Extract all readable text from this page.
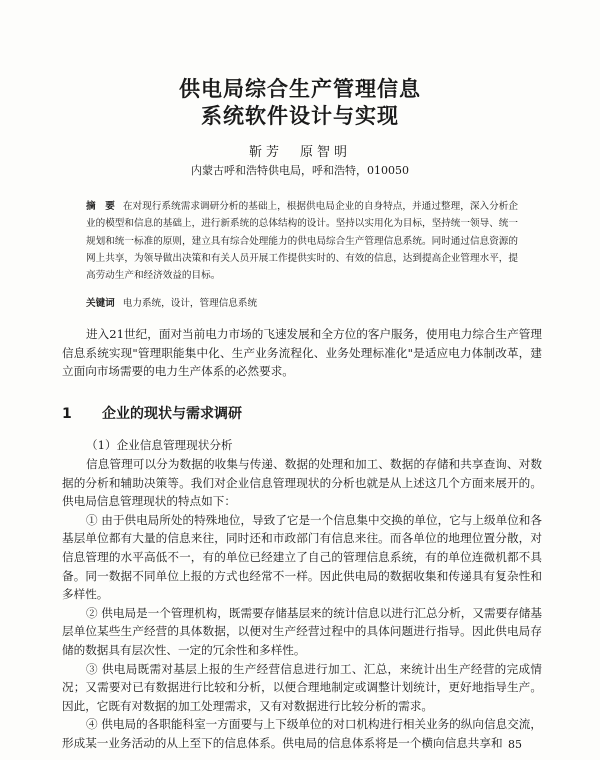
供电局综合生产管理信息
系统软件设计与实现
靳芳　原智明
内蒙古呼和浩特供电局，呼和浩特，010050
摘　要 在对现行系统需求调研分析的基础上，根据供电局企业的自身特点，并通过整理，深入分析企业的模型和信息的基础上，进行新系统的总体结构的设计。坚持以实用化为目标，坚持统一领导、统一规划和统一标准的原则，建立具有综合处理能力的供电局综合生产管理信息系统。同时通过信息资源的网上共享，为领导做出决策和有关人员开展工作提供实时的、有效的信息，达到提高企业管理水平，提高劳动生产和经济效益的目标。
关键词 电力系统，设计，管理信息系统

进入21世纪，面对当前电力市场的飞速发展和全方位的客户服务，使用电力综合生产管理信息系统实现"管理职能集中化、生产业务流程化、业务处理标准化"是适应电力体制改革，建立面向市场需要的电力生产体系的必然要求。

1 企业的现状与需求调研
（1）企业信息管理现状分析

信息管理可以分为数据的收集与传递、数据的处理和加工、数据的存储和共享查询、对数据的分析和辅助决策等。我们对企业信息管理现状的分析也就是从上述这几个方面来展开的。供电局信息管理现状的特点如下：

① 由于供电局所处的特殊地位，导致了它是一个信息集中交换的单位，它与上级单位和各基层单位都有大量的信息来往，同时还和市政部门有信息来往。而各单位的地理位置分散，对信息管理的水平高低不一，有的单位已经建立了自己的管理信息系统，有的单位连微机都不具备。同一数据不同单位上报的方式也经常不一样。因此供电局的数据收集和传递具有复杂性和多样性。

② 供电局是一个管理机构，既需要存储基层来的统计信息以进行汇总分析，又需要存储基层单位某些生产经营的具体数据，以便对生产经营过程中的具体问题进行指导。因此供电局存储的数据具有层次性、一定的冗余性和多样性。

③ 供电局既需对基层上报的生产经营信息进行加工、汇总，来统计出生产经营的完成情况；又需要对已有数据进行比较和分析，以便合理地制定或调整计划统计，更好地指导生产。因此，它既有对数据的加工处理需求，又有对数据进行比较分析的需求。

④ 供电局的各职能科室一方面要与上下级单位的对口机构进行相关业务的纵向信息交流，形成某一业务活动的从上至下的信息体系。供电局的信息体系将是一个横向信息共享和 85
